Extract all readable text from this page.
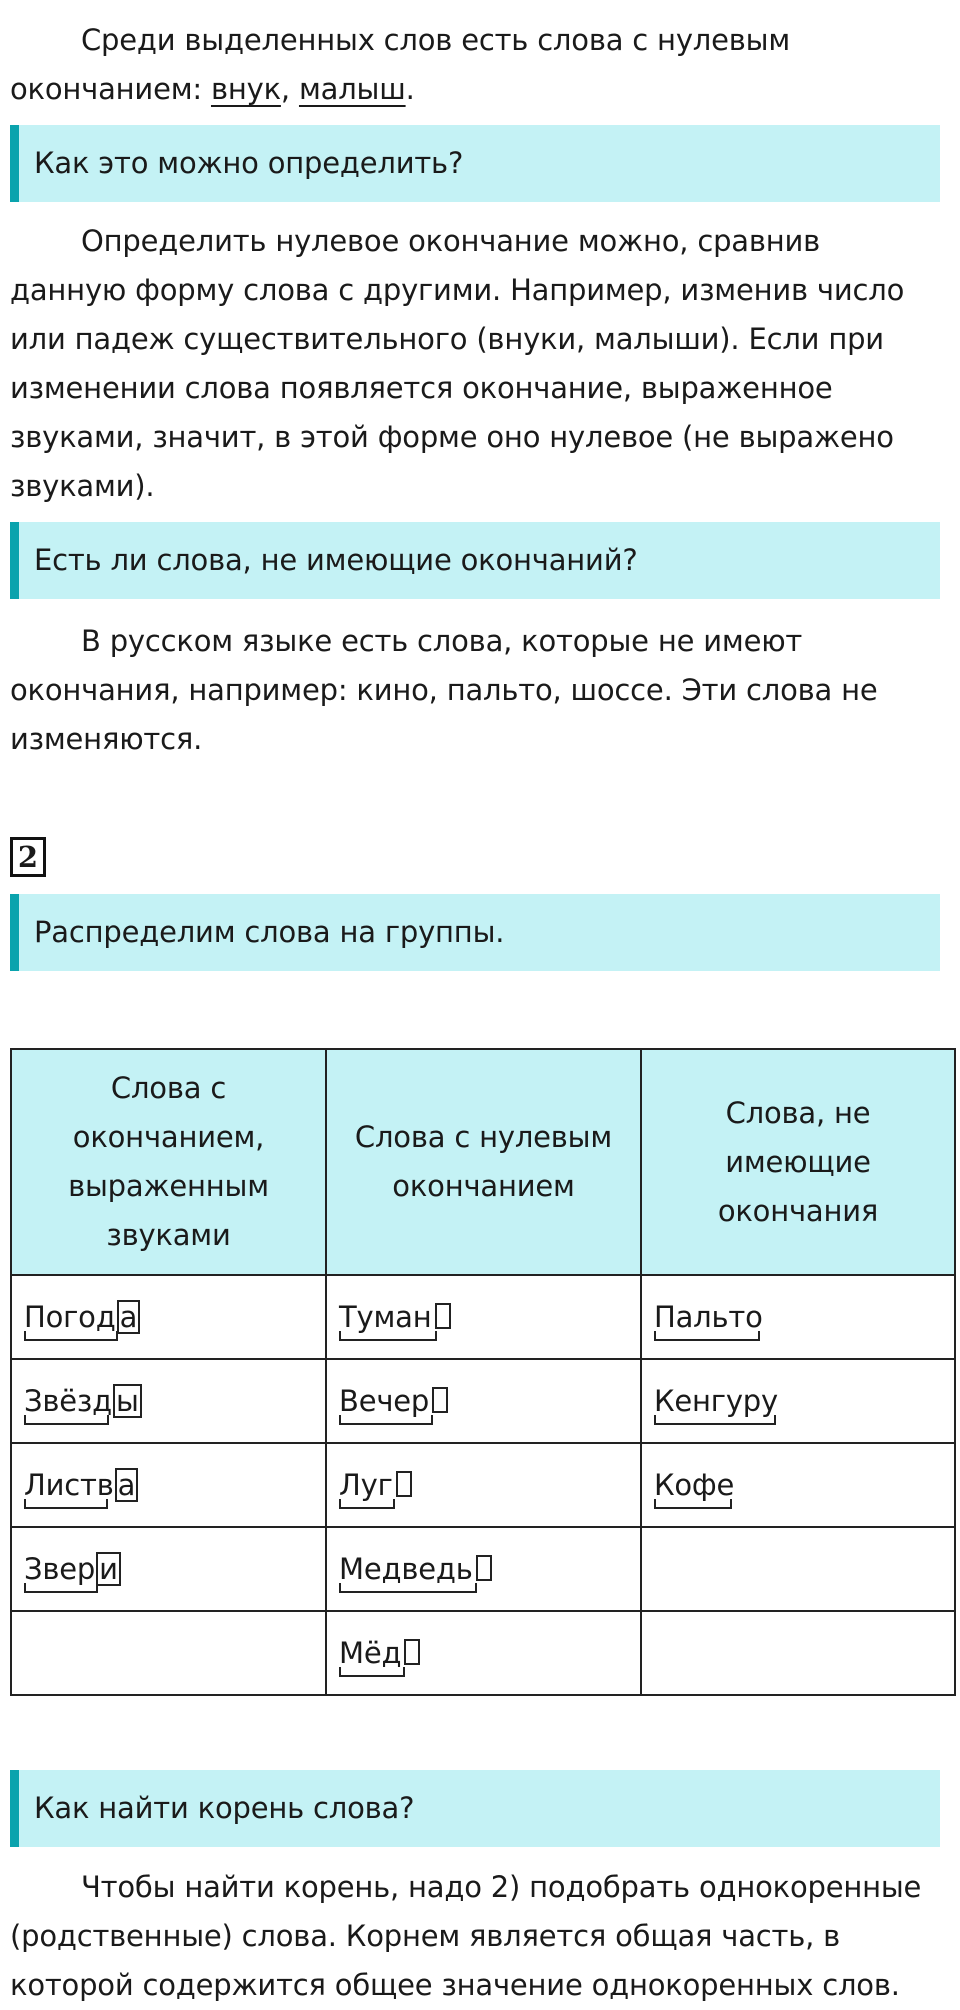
Среди выделенных слов есть слова с нулевым окончанием: внук, малыш.

Как это можно определить?

Определить нулевое окончание можно, сравнив данную форму слова с другими. Например, изменив число или падеж существительного (внуки, малыши). Если при изменении слова появляется окончание, выраженное звуками, значит, в этой форме оно нулевое (не выражено звуками).

Есть ли слова, не имеющие окончаний?

В русском языке есть слова, которые не имеют окончания, например: кино, пальто, шоссе. Эти слова не изменяются.

2
Распределим слова на группы.
Слова с окончанием, выраженным звуками	Слова с нулевым окончанием	Слова, не имеющие окончания
Погод а	Туман	Пальто

Звёзд ы	Вечер	Кенгуру

Листв а	Луг	Кофе

Звер и	Медведь

	Мёд

Как найти корень слова?

Чтобы найти корень, надо 2) подобрать однокоренные (родственные) слова. Корнем является общая часть, в которой содержится общее значение однокоренных слов.
